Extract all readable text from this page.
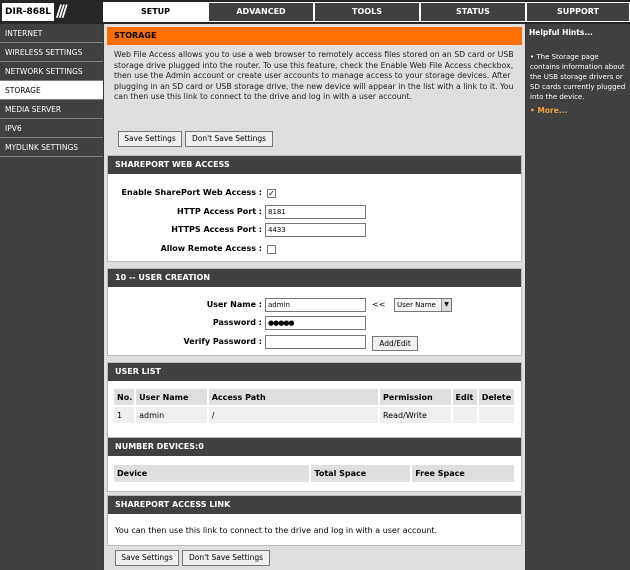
DIR-868L ///	SETUP	ADVANCED	TOOLS	STATUS	SUPPORT
INTERNET
WIRELESS SETTINGS
NETWORK SETTINGS
STORAGE
MEDIA SERVER
IPV6
MYDLINK SETTINGS
STORAGE
Web File Access allows you to use a web browser to remotely access files stored on an SD card or USB storage drive plugged into the router. To use this feature, check the Enable Web File Access checkbox, then use the Admin account or create user accounts to manage access to your storage devices. After plugging in an SD card or USB storage drive, the new device will appear in the list with a link to it. You can then use this link to connect to the drive and log in with a user account.
Save Settings	Don't Save Settings
SHAREPORT WEB ACCESS
Enable SharePort Web Access : ✓
HTTP Access Port : 8181
HTTPS Access Port : 4433
Allow Remote Access :
10 -- USER CREATION
User Name : admin	<<	User Name	▼
Password : ●●●●●
Verify Password :	Add/Edit
USER LIST
No.	User Name	Access Path	Permission	Edit	Delete
1	admin	/	Read/Write		
NUMBER DEVICES:0
Device	Total Space	Free Space
SHAREPORT ACCESS LINK
You can then use this link to connect to the drive and log in with a user account.
Save Settings	Don't Save Settings
Helpful Hints...
• The Storage page contains information about the USB storage drivers or SD cards currently plugged into the device.
• More...
